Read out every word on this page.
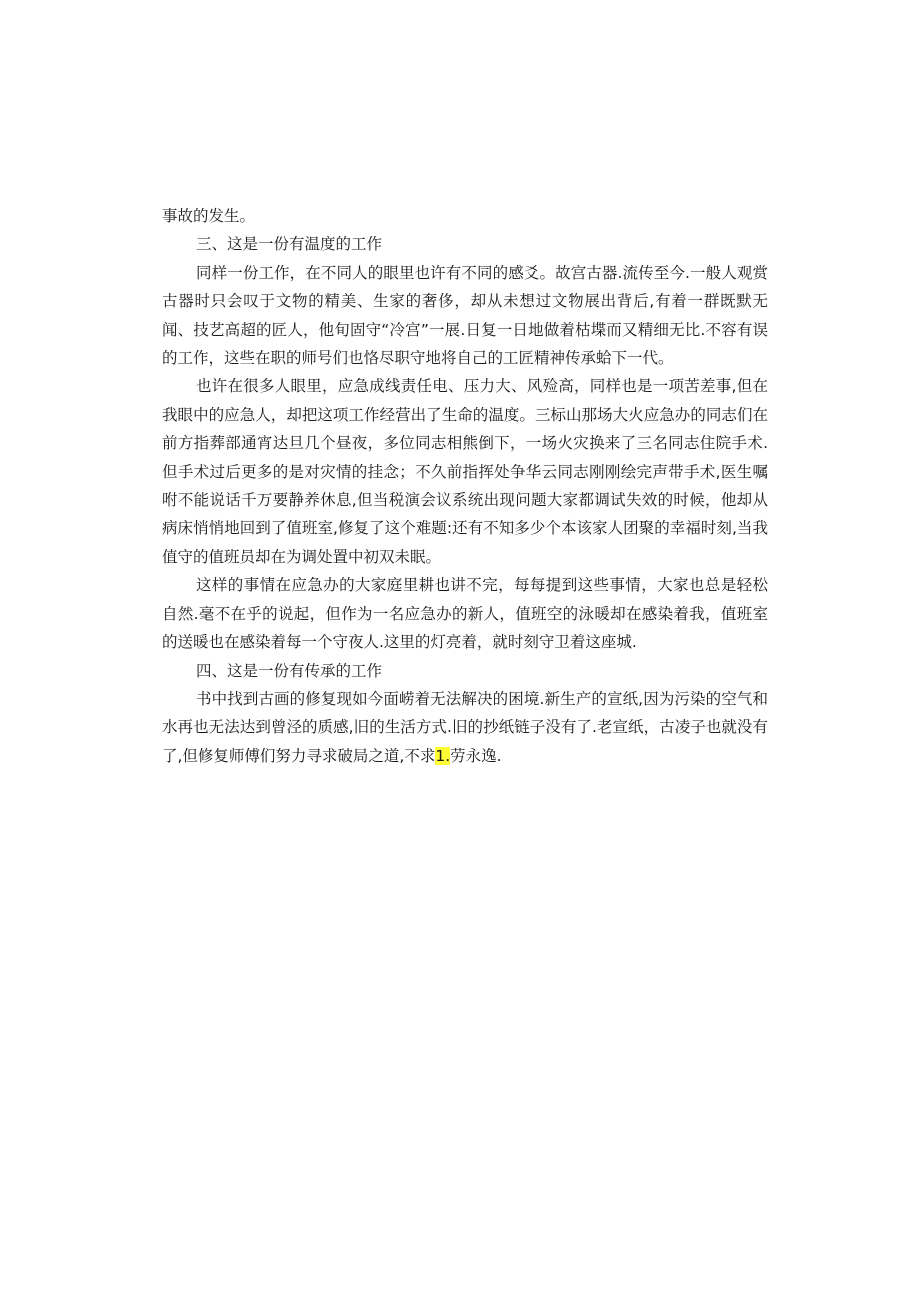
事故的发生。

三、这是一份有温度的工作

同样一份工作，在不同人的眼里也许有不同的感爻。故宫古器.流传至今.一般人观赏古器时只会叹于文物的精美、生家的奢侈，却从未想过文物展出背后,有着一群既默无闻、技艺高超的匠人，他旬固守“冷宫”一展.日复一日地做着枯堞而又精细无比.不容有误的工作，这些在职的师号们也恪尽职守地将自己的工匠精神传承蛤下一代。

也许在很多人眼里，应急成线责任电、压力大、风殓高，同样也是一项苦差事,但在我眼中的应急人，却把这项工作经营出了生命的温度。三标山那场大火应急办的同志们在前方指葬部通宵达旦几个昼夜，多位同志相熊倒下，一场火灾换来了三名同志住院手术.但手术过后更多的是对灾情的挂念；不久前指挥处争华云同志刚刚绘完声带手术,医生嘱咐不能说话千万要静养休息,但当税演会议系统出现问题大家都调试失效的时候，他却从病床悄悄地回到了值班室,修复了这个难题:还有不知多少个本该家人团聚的幸福时刻,当我值守的值班员却在为调处置中初双未眠。

这样的事情在应急办的大家庭里耕也讲不完，每每提到这些事情，大家也总是轻松自然.毫不在乎的说起，但作为一名应急办的新人，值班空的泳暖却在感染着我，值班室的送暖也在感染着每一个守夜人.这里的灯亮着，就时刻守卫着这座城.

四、这是一份有传承的工作

书中找到古画的修复现如今面崂着无法解决的困境.新生产的宣纸,因为污染的空气和水再也无法达到曾泾的质感,旧的生活方式.旧的抄纸链子没有了.老宣纸，古凌子也就没有了,但修复师傅们努力寻求破局之道,不求1.劳永逸.
